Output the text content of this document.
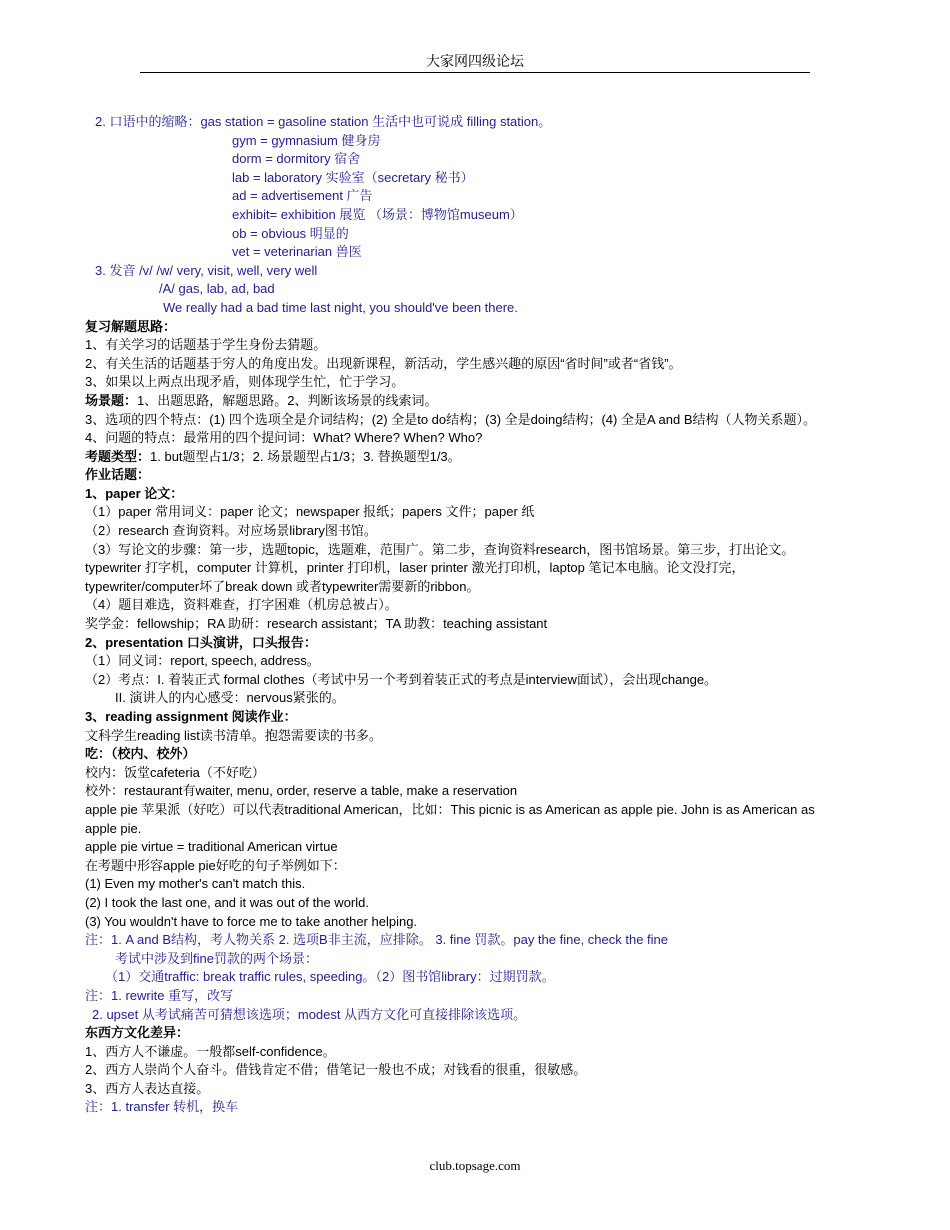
大家网四级论坛
2. 口语中的缩略：gas station = gasoline station 生活中也可说成 filling station。
gym = gymnasium 健身房
dorm = dormitory 宿舍
lab = laboratory 实验室（secretary 秘书）
ad = advertisement 广告
exhibit= exhibition 展览 （场景：博物馆museum）
ob = obvious 明显的
vet = veterinarian 兽医
3. 发音 /v/ /w/ very, visit, well, very well
/A/ gas, lab, ad, bad
We really had a bad time last night, you should've been there.
复习解题思路：
1、有关学习的话题基于学生身份去猜题。
2、有关生活的话题基于穷人的角度出发。出现新课程，新活动，学生感兴趣的原因“省时间”或者“省钱”。
3、如果以上两点出现矛盾，则体现学生忙，忙于学习。
场景题：1、出题思路，解题思路。2、判断该场景的线索词。
3、选项的四个特点：(1) 四个选项全是介词结构；(2) 全是to do结构；(3) 全是doing结构；(4) 全是A and B结构（人物关系题）。
4、问题的特点：最常用的四个提问词：What? Where? When? Who?
考题类型：1. but题型占1/3；2. 场景题型占1/3；3. 替换题型1/3。
作业话题：
1、paper 论文：
（1）paper 常用词义：paper 论文；newspaper 报纸；papers 文件；paper 纸
（2）research 查询资料。对应场景library图书馆。
（3）写论文的步骤：第一步，选题topic，选题难，范围广。第二步，查询资料research，图书馆场景。第三步，打出论文。typewriter 打字机，computer 计算机，printer 打印机，laser printer 激光打印机，laptop 笔记本电脑。论文没打完，typewriter/computer坏了break down 或者typewriter需要新的ribbon。
（4）题目难选，资料难查，打字困难（机房总被占）。
奖学金：fellowship；RA 助研：research assistant；TA 助教：teaching assistant
2、presentation 口头演讲，口头报告：
（1）同义词：report, speech, address。
（2）考点：I. 着装正式 formal clothes（考试中另一个考到着装正式的考点是interview面试），会出现change。
II. 演讲人的内心感受：nervous紧张的。
3、reading assignment 阅读作业：
文科学生reading list读书清单。抱怨需要读的书多。
吃：（校内、校外）
校内：饭堂cafeteria（不好吃）
校外：restaurant有waiter, menu, order, reserve a table, make a reservation
apple pie 苹果派（好吃）可以代表traditional American，比如：This picnic is as American as apple pie. John is as American as apple pie.
apple pie virtue = traditional American virtue
在考题中形容apple pie好吃的句子举例如下：
(1) Even my mother's can't match this.
(2) I took the last one, and it was out of the world.
(3) You wouldn't have to force me to take another helping.
注：1. A and B结构，考人物关系 2. 选项B非主流，应排除。 3. fine 罚款。pay the fine, check the fine
考试中涉及到fine罚款的两个场景：
（1）交通traffic: break traffic rules, speeding。（2）图书馆library：过期罚款。
注：1. rewrite 重写，改写
2. upset 从考试痛苦可猜想该选项；modest 从西方文化可直接排除该选项。
东西方文化差异：
1、西方人不谦虚。一般都self-confidence。
2、西方人崇尚个人奋斗。借钱肯定不借；借笔记一般也不成；对钱看的很重，很敏感。
3、西方人表达直接。
注：1. transfer 转机，换车
club.topsage.com
